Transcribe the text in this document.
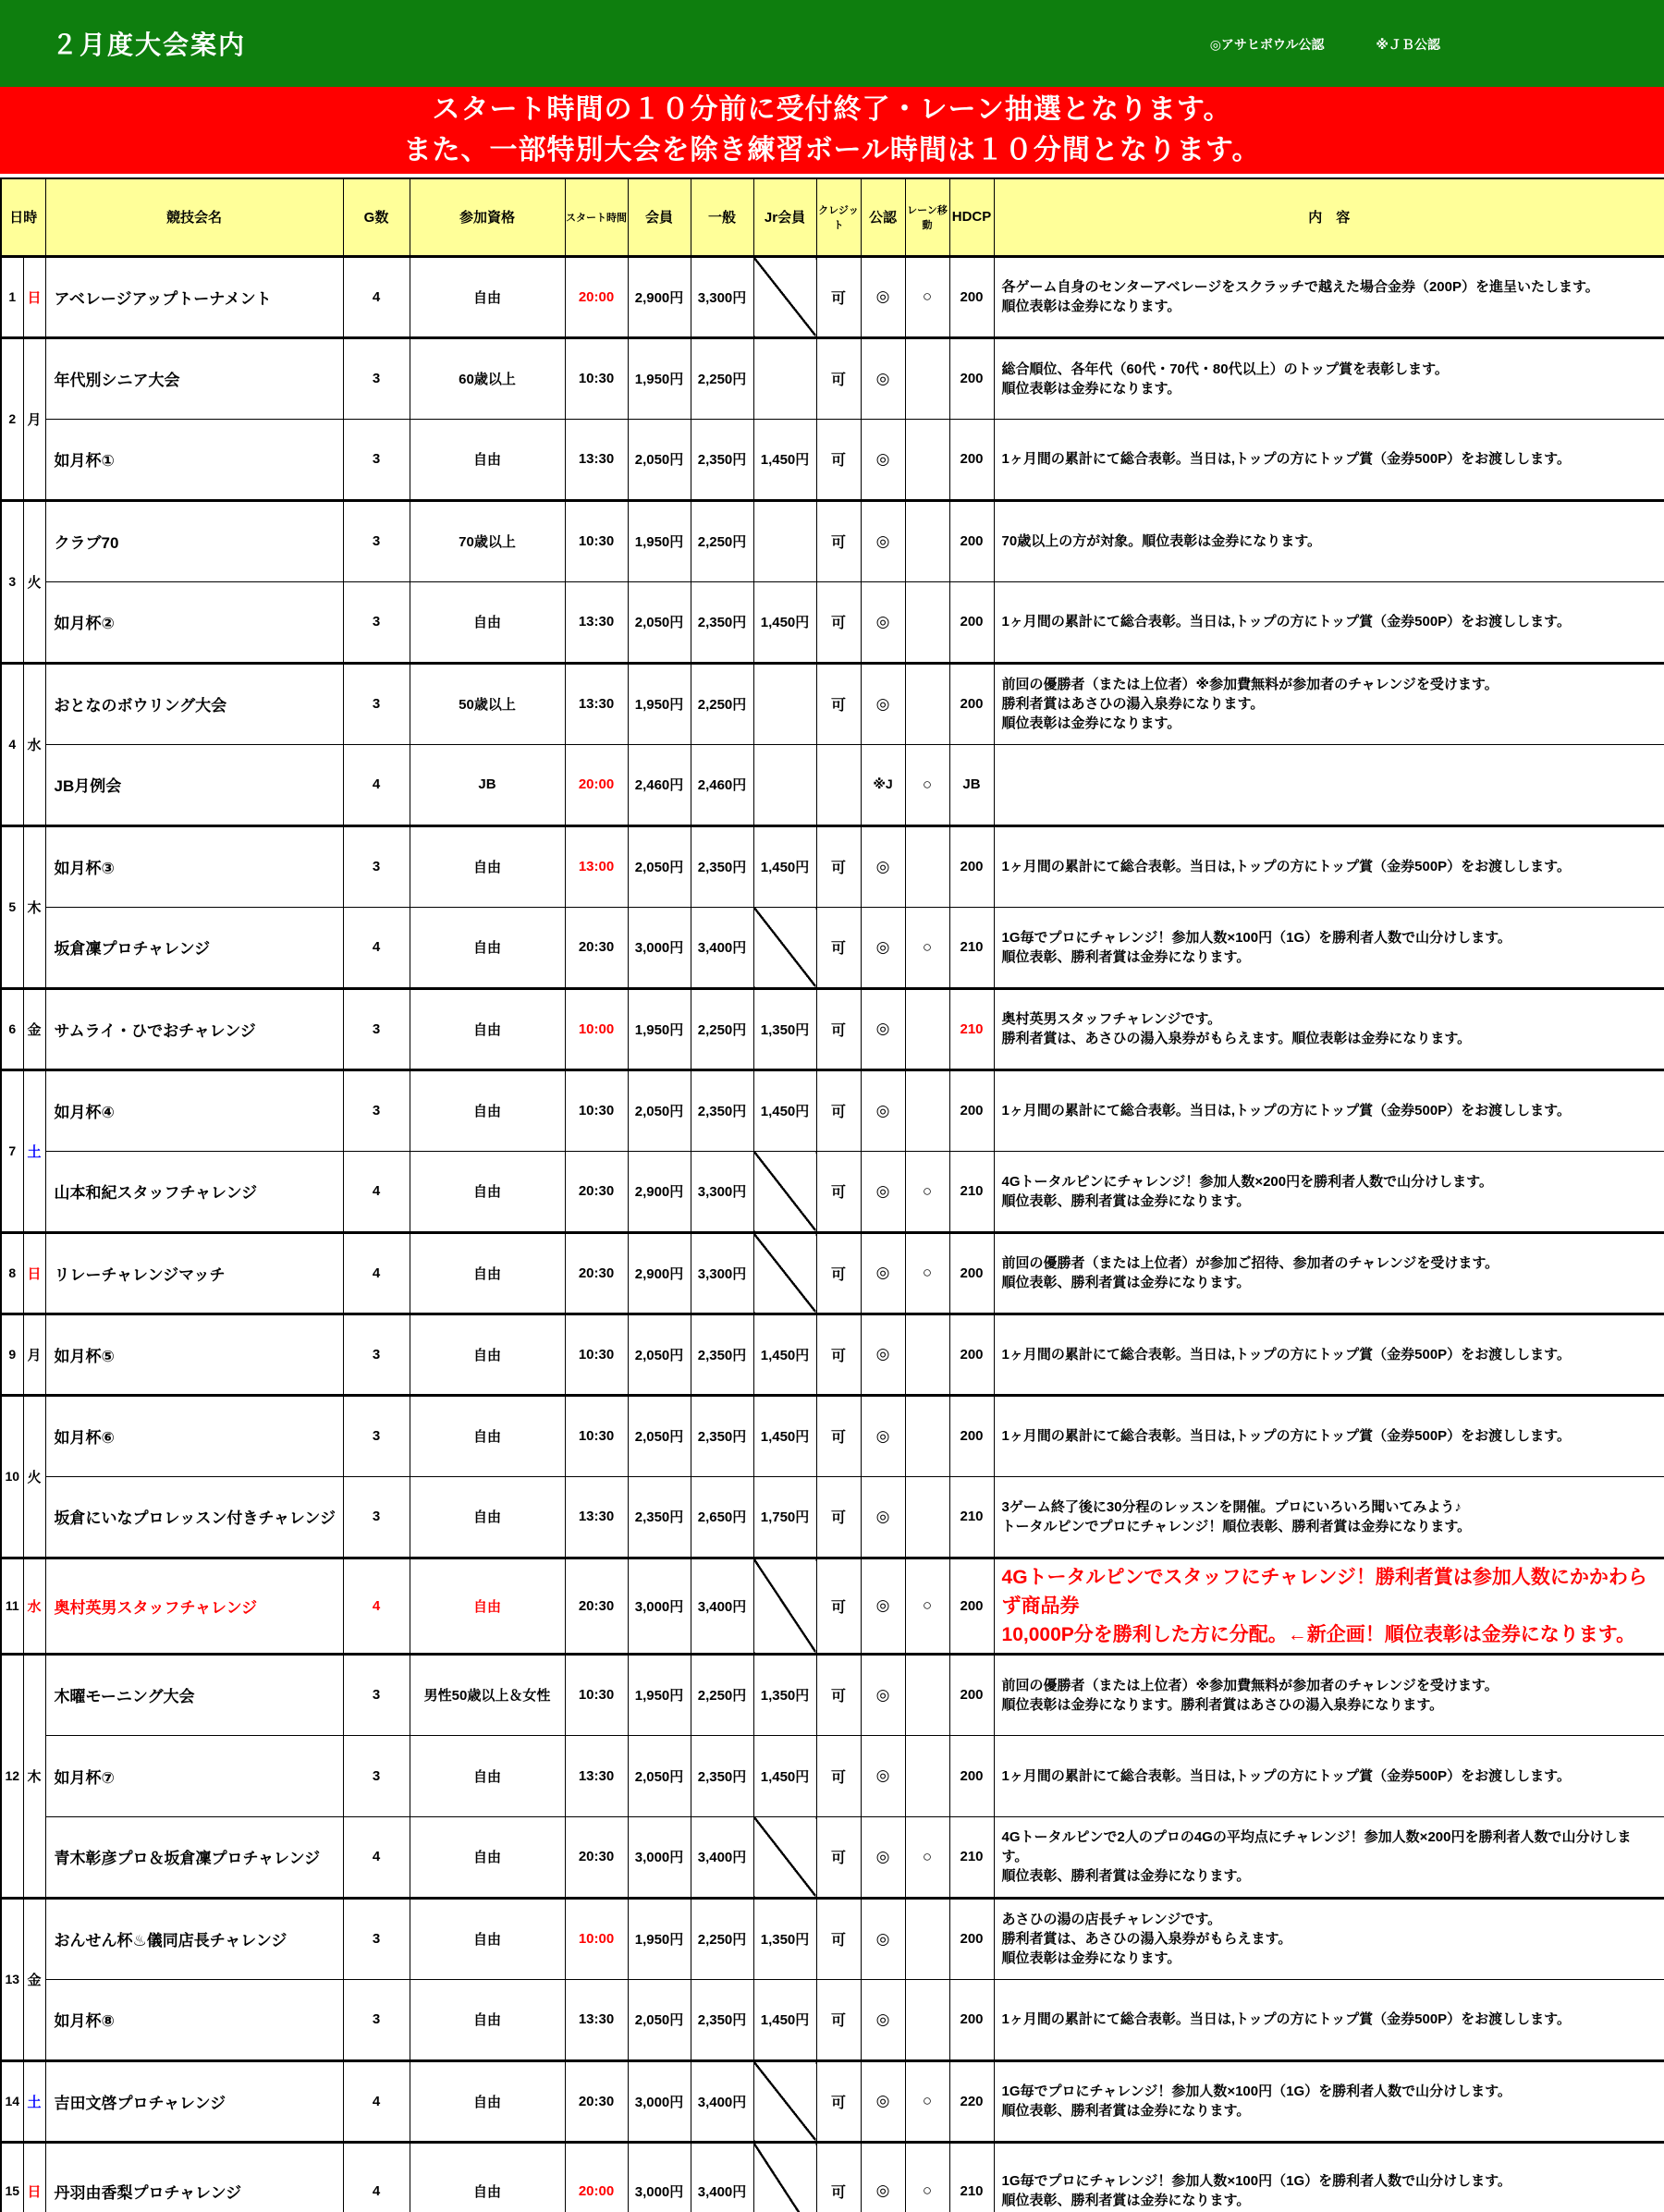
２月度大会案内	◎アサヒボウル公認	※ＪＢ公認
スタート時間の１０分前に受付終了・レーン抽選となります。
また、一部特別大会を除き練習ボール時間は１０分間となります。
日時		競技会名	G数	参加資格	スタート時間	会員	一般	Jr会員	クレジット	公認	レーン移動	HDCP	内　容
1	日	アベレージアップトーナメント	4	自由	20:00	2,900円	3,300円		可	◎	○	200	各ゲーム自身のセンターアベレージをスクラッチで越えた場合金券（200P）を進呈いたします。
順位表彰は金券になります。
2	月	年代別シニア大会	3	60歳以上	10:30	1,950円	2,250円		可	◎		200	総合順位、各年代（60代・70代・80代以上）のトップ賞を表彰します。
順位表彰は金券になります。
		如月杯①	3	自由	13:30	2,050円	2,350円	1,450円	可	◎		200	1ヶ月間の累計にて総合表彰。当日は,トップの方にトップ賞（金券500P）をお渡しします。
3	火	クラブ70	3	70歳以上	10:30	1,950円	2,250円		可	◎		200	70歳以上の方が対象。順位表彰は金券になります。
		如月杯②	3	自由	13:30	2,050円	2,350円	1,450円	可	◎		200	1ヶ月間の累計にて総合表彰。当日は,トップの方にトップ賞（金券500P）をお渡しします。
4	水	おとなのボウリング大会	3	50歳以上	13:30	1,950円	2,250円		可	◎		200	前回の優勝者（または上位者）※参加費無料が参加者のチャレンジを受けます。
勝利者賞はあさひの湯入泉券になります。
順位表彰は金券になります。
		JB月例会	4	JB	20:00	2,460円	2,460円			※J	○	JB	
5	木	如月杯③	3	自由	13:00	2,050円	2,350円	1,450円	可	◎		200	1ヶ月間の累計にて総合表彰。当日は,トップの方にトップ賞（金券500P）をお渡しします。
		坂倉凜プロチャレンジ	4	自由	20:30	3,000円	3,400円		可	◎	○	210	1G毎でプロにチャレンジ！参加人数×100円（1G）を勝利者人数で山分けします。
順位表彰、勝利者賞は金券になります。
6	金	サムライ・ひでおチャレンジ	3	自由	10:00	1,950円	2,250円	1,350円	可	◎		210	奥村英男スタッフチャレンジです。
勝利者賞は、あさひの湯入泉券がもらえます。順位表彰は金券になります。
7	土	如月杯④	3	自由	10:30	2,050円	2,350円	1,450円	可	◎		200	1ヶ月間の累計にて総合表彰。当日は,トップの方にトップ賞（金券500P）をお渡しします。
		山本和紀スタッフチャレンジ	4	自由	20:30	2,900円	3,300円		可	◎	○	210	4Gトータルピンにチャレンジ！参加人数×200円を勝利者人数で山分けします。
順位表彰、勝利者賞は金券になります。
8	日	リレーチャレンジマッチ	4	自由	20:30	2,900円	3,300円		可	◎	○	200	前回の優勝者（または上位者）が参加ご招待、参加者のチャレンジを受けます。
順位表彰、勝利者賞は金券になります。
9	月	如月杯⑤	3	自由	10:30	2,050円	2,350円	1,450円	可	◎		200	1ヶ月間の累計にて総合表彰。当日は,トップの方にトップ賞（金券500P）をお渡しします。
10	火	如月杯⑥	3	自由	10:30	2,050円	2,350円	1,450円	可	◎		200	1ヶ月間の累計にて総合表彰。当日は,トップの方にトップ賞（金券500P）をお渡しします。
		坂倉にいなプロレッスン付きチャレンジ	3	自由	13:30	2,350円	2,650円	1,750円	可	◎		210	3ゲーム終了後に30分程のレッスンを開催。プロにいろいろ聞いてみよう♪
トータルピンでプロにチャレンジ！順位表彰、勝利者賞は金券になります。
11	水	奥村英男スタッフチャレンジ	4	自由	20:30	3,000円	3,400円		可	◎	○	200	4Gトータルピンでスタッフにチャレンジ！勝利者賞は参加人数にかかわらず商品券
10,000P分を勝利した方に分配。←新企画！順位表彰は金券になります。
12	木	木曜モーニング大会	3	男性50歳以上＆女性	10:30	1,950円	2,250円	1,350円	可	◎		200	前回の優勝者（または上位者）※参加費無料が参加者のチャレンジを受けます。
順位表彰は金券になります。勝利者賞はあさひの湯入泉券になります。
		如月杯⑦	3	自由	13:30	2,050円	2,350円	1,450円	可	◎		200	1ヶ月間の累計にて総合表彰。当日は,トップの方にトップ賞（金券500P）をお渡しします。
		青木彰彦プロ＆坂倉凜プロチャレンジ	4	自由	20:30	3,000円	3,400円		可	◎	○	210	4Gトータルピンで2人のプロの4Gの平均点にチャレンジ！参加人数×200円を勝利者人数で山分けします。
順位表彰、勝利者賞は金券になります。
13	金	おんせん杯♨儀同店長チャレンジ	3	自由	10:00	1,950円	2,250円	1,350円	可	◎		200	あさひの湯の店長チャレンジです。
勝利者賞は、あさひの湯入泉券がもらえます。
順位表彰は金券になります。
		如月杯⑧	3	自由	13:30	2,050円	2,350円	1,450円	可	◎		200	1ヶ月間の累計にて総合表彰。当日は,トップの方にトップ賞（金券500P）をお渡しします。
14	土	吉田文啓プロチャレンジ	4	自由	20:30	3,000円	3,400円		可	◎	○	220	1G毎でプロにチャレンジ！参加人数×100円（1G）を勝利者人数で山分けします。
順位表彰、勝利者賞は金券になります。
15	日	丹羽由香梨プロチャレンジ	4	自由	20:00	3,000円	3,400円		可	◎	○	210	1G毎でプロにチャレンジ！参加人数×100円（1G）を勝利者人数で山分けします。
順位表彰、勝利者賞は金券になります。
